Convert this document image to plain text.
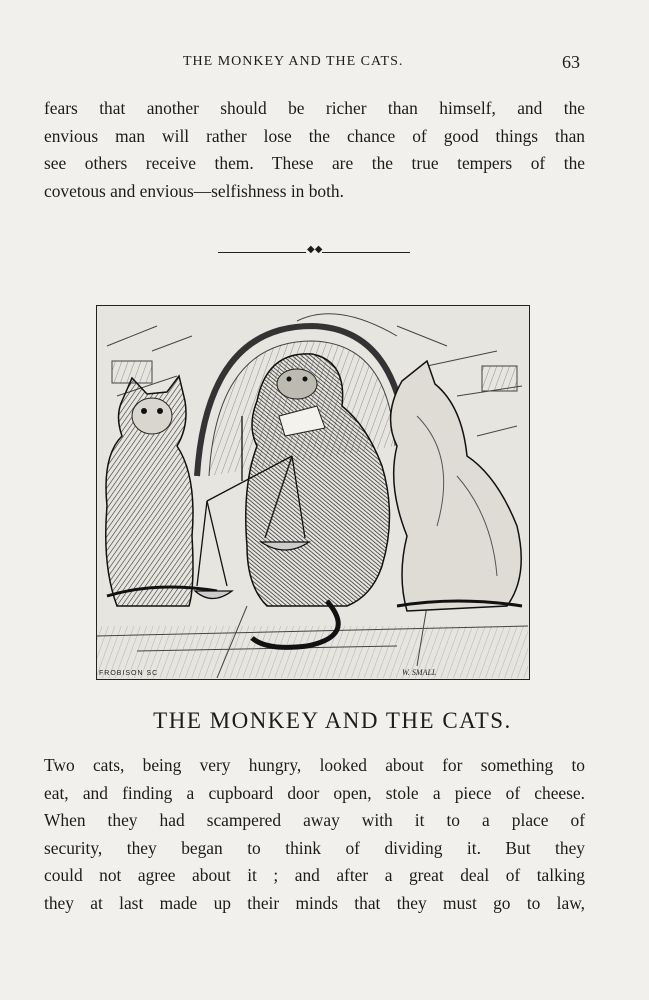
THE MONKEY AND THE CATS.	63
fears that another should be richer than himself, and the
envious man will rather lose the chance of good things than
see others receive them. These are the true tempers of the
covetous and envious—selfishness in both.
◆◆
FROBISON SC	W. SMALL
THE MONKEY AND THE CATS.
Two cats, being very hungry, looked about for something to
eat, and finding a cupboard door open, stole a piece of cheese.
When they had scampered away with it to a place of
security, they began to think of dividing it. But they
could not agree about it ; and after a great deal of talking
they at last made up their minds that they must go to law,
